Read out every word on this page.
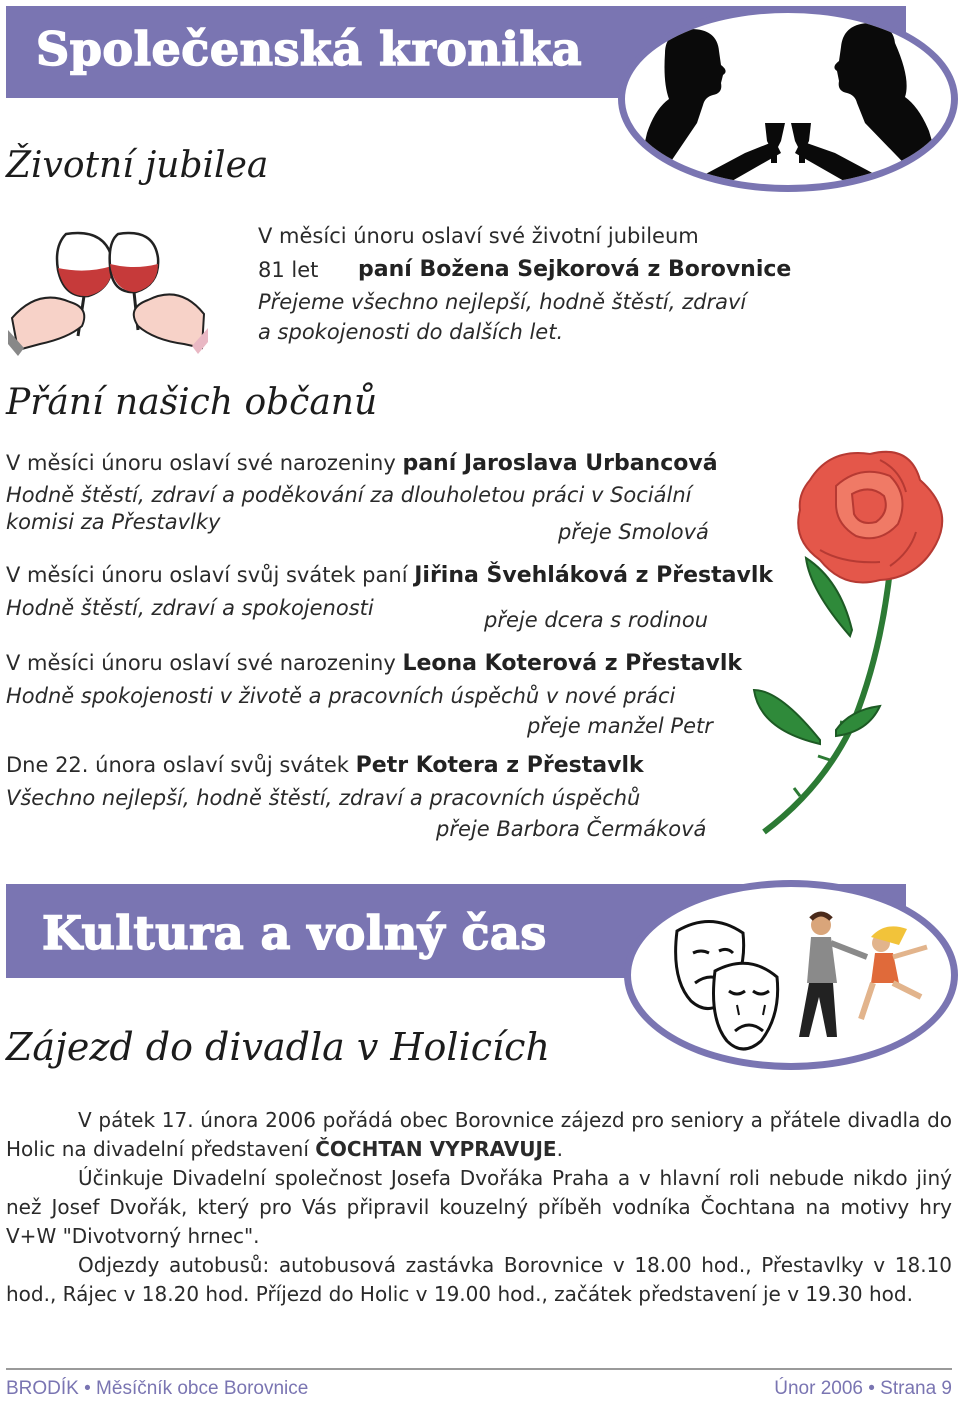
Společenská kronika
Životní jubilea
V měsíci únoru oslaví své životní jubileum
81 let paní Božena Sejkorová z Borovnice
Přejeme všechno nejlepší, hodně štěstí, zdraví
a spokojenosti do dalších let.
Přání našich občanů
V měsíci únoru oslaví své narozeniny paní Jaroslava Urbancová
Hodně štěstí, zdraví a poděkování za dlouholetou práci v Sociální
komisi za Přestavlky	přeje Smolová
V měsíci únoru oslaví svůj svátek paní Jiřina Švehláková z Přestavlk
Hodně štěstí, zdraví a spokojenosti	přeje dcera s rodinou
V měsíci únoru oslaví své narozeniny Leona Koterová z Přestavlk
Hodně spokojenosti v životě a pracovních úspěchů v nové práci
přeje manžel Petr
Dne 22. února oslaví svůj svátek Petr Kotera z Přestavlk
Všechno nejlepší, hodně štěstí, zdraví a pracovních úspěchů
přeje Barbora Čermáková
Kultura a volný čas
Zájezd do divadla v Holicích

V pátek 17. února 2006 pořádá obec Borovnice zájezd pro seniory a přátele divadla do Holic na divadelní představení ČOCHTAN VYPRAVUJE.

Účinkuje Divadelní společnost Josefa Dvořáka Praha a v hlavní roli nebude nikdo jiný než Josef Dvořák, který pro Vás připravil kouzelný příběh vodníka Čochtana na motivy hry V+W "Divotvorný hrnec".

Odjezdy autobusů: autobusová zastávka Borovnice v 18.00 hod., Přestavlky v 18.10 hod., Rájec v 18.20 hod. Příjezd do Holic v 19.00 hod., začátek představení je v 19.30 hod.

BRODÍK • Měsíčník obce Borovnice	Únor 2006 • Strana 9
